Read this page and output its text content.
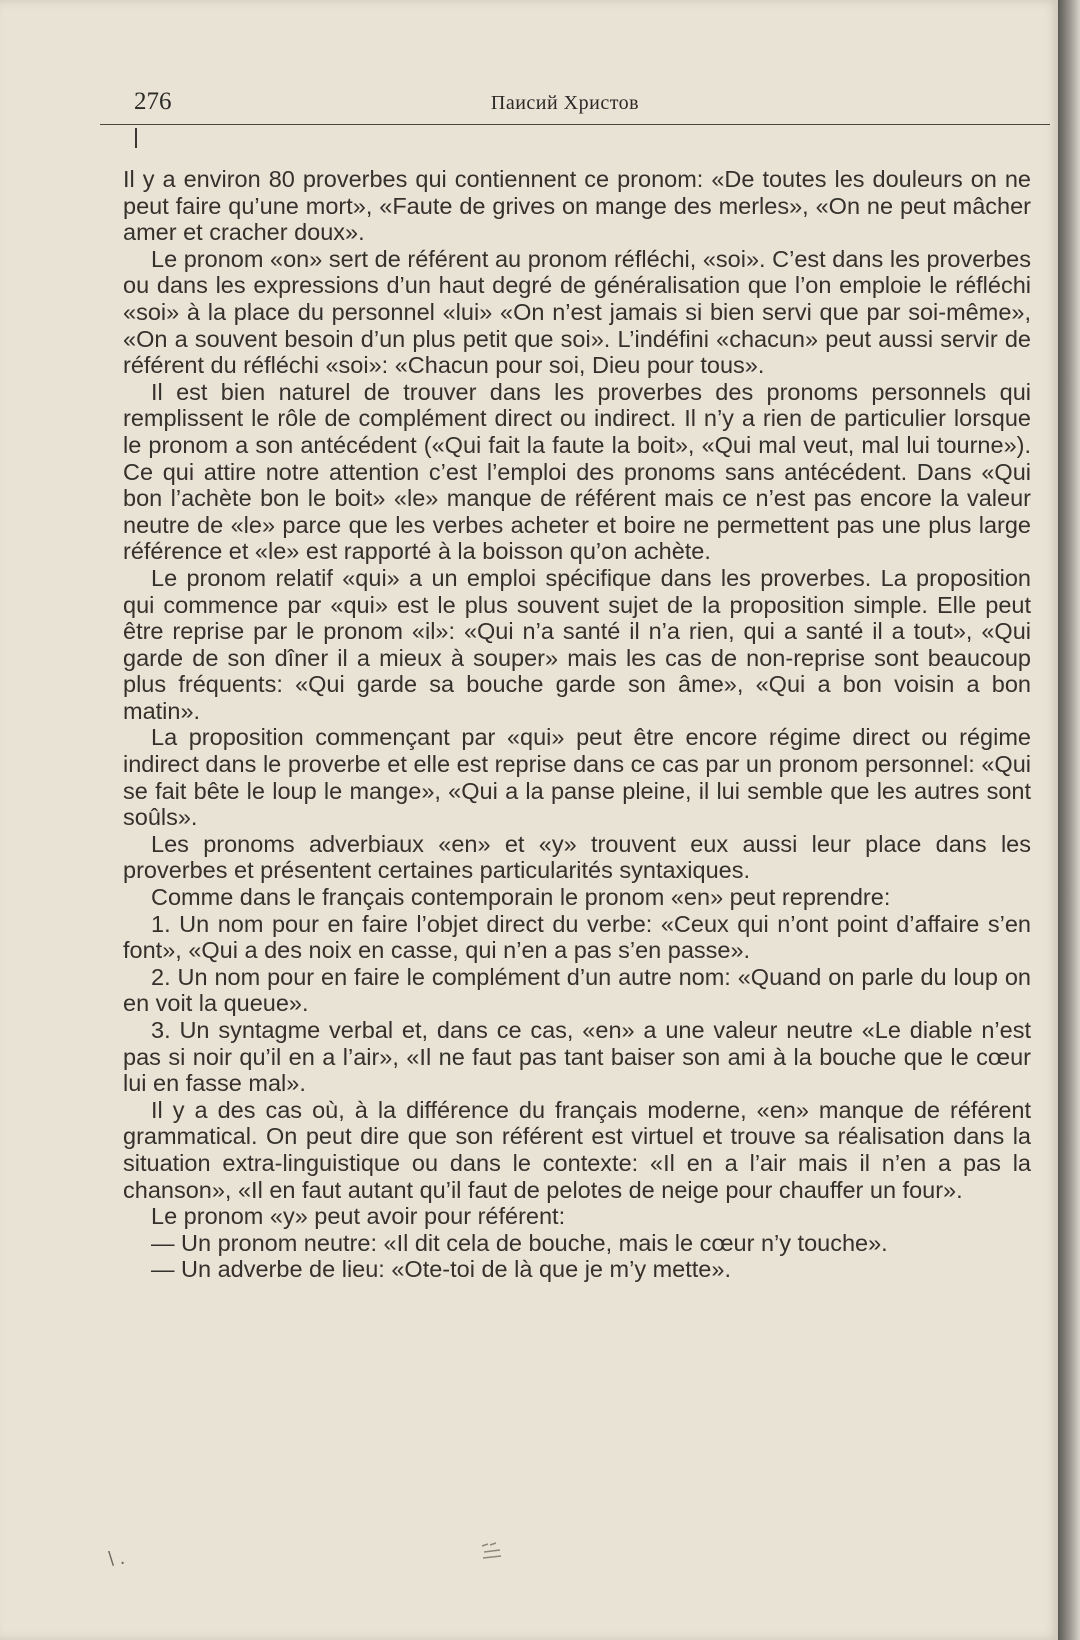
276	Паисий Христов

Il y a environ 80 proverbes qui contiennent ce pronom: «De toutes les douleurs on ne peut faire qu’une mort», «Faute de grives on mange des merles», «On ne peut mâcher amer et cracher doux».

Le pronom «on» sert de référent au pronom réfléchi, «soi». C’est dans les proverbes ou dans les expressions d’un haut degré de généralisation que l’on emploie le réfléchi «soi» à la place du personnel «lui» «On n’est jamais si bien servi que par soi-même», «On a souvent besoin d’un plus petit que soi». L’indéfini «chacun» peut aussi servir de référent du réfléchi «soi»: «Chacun pour soi, Dieu pour tous».

Il est bien naturel de trouver dans les proverbes des pronoms personnels qui remplissent le rôle de complément direct ou indirect. Il n’y a rien de particulier lorsque le pronom a son antécédent («Qui fait la faute la boit», «Qui mal veut, mal lui tourne»). Ce qui attire notre attention c’est l’emploi des pronoms sans antécédent. Dans «Qui bon l’achète bon le boit» «le» manque de référent mais ce n’est pas encore la valeur neutre de «le» parce que les verbes acheter et boire ne permettent pas une plus large référence et «le» est rapporté à la boisson qu’on achète.

Le pronom relatif «qui» a un emploi spécifique dans les proverbes. La proposition qui commence par «qui» est le plus souvent sujet de la proposition simple. Elle peut être reprise par le pronom «il»: «Qui n’a santé il n’a rien, qui a santé il a tout», «Qui garde de son dîner il a mieux à souper» mais les cas de non-reprise sont beaucoup plus fréquents: «Qui garde sa bouche garde son âme», «Qui a bon voisin a bon matin».

La proposition commençant par «qui» peut être encore régime direct ou régime indirect dans le proverbe et elle est reprise dans ce cas par un pronom personnel: «Qui se fait bête le loup le mange», «Qui a la panse pleine, il lui semble que les autres sont soûls».

Les pronoms adverbiaux «en» et «y» trouvent eux aussi leur place dans les proverbes et présentent certaines particularités syntaxiques.

Comme dans le français contemporain le pronom «en» peut reprendre:

1. Un nom pour en faire l’objet direct du verbe: «Ceux qui n’ont point d’affaire s’en font», «Qui a des noix en casse, qui n’en a pas s’en passe».

2. Un nom pour en faire le complément d’un autre nom: «Quand on parle du loup on en voit la queue».

3. Un syntagme verbal et, dans ce cas, «en» a une valeur neutre «Le diable n’est pas si noir qu’il en a l’air», «Il ne faut pas tant baiser son ami à la bouche que le cœur lui en fasse mal».

Il y a des cas où, à la différence du français moderne, «en» manque de référent grammatical. On peut dire que son référent est virtuel et trouve sa réalisation dans la situation extra-linguistique ou dans le contexte: «Il en a l’air mais il n’en a pas la chanson», «Il en faut autant qu’il faut de pelotes de neige pour chauffer un four».

Le pronom «y» peut avoir pour référent:

— Un pronom neutre: «Il dit cela de bouche, mais le cœur n’y touche».

— Un adverbe de lieu: «Ote-toi de là que je m’y mette».

\ .
